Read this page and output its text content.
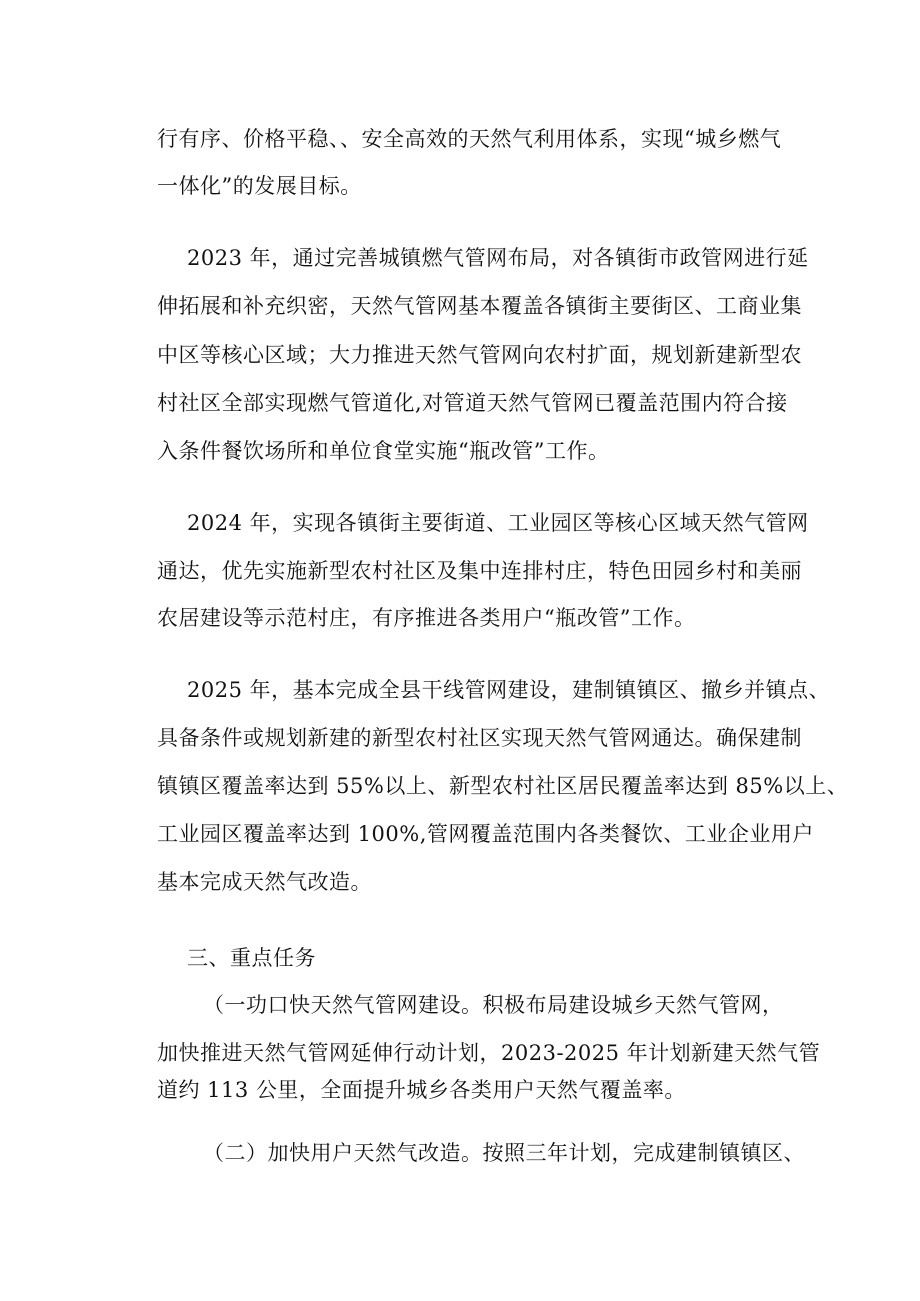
行有序、价格平稳、、安全高效的天然气利用体系，实现“城乡燃气
一体化”的发展目标。
2023 年，通过完善城镇燃气管网布局，对各镇街市政管网进行延
伸拓展和补充织密，天然气管网基本覆盖各镇街主要街区、工商业集
中区等核心区域；大力推进天然气管网向农村扩面，规划新建新型农
村社区全部实现燃气管道化,对管道天然气管网已覆盖范围内符合接
入条件餐饮场所和单位食堂实施“瓶改管”工作。
2024 年，实现各镇街主要街道、工业园区等核心区域天然气管网
通达，优先实施新型农村社区及集中连排村庄，特色田园乡村和美丽
农居建设等示范村庄，有序推进各类用户“瓶改管”工作。
2025 年，基本完成全县干线管网建设，建制镇镇区、撤乡并镇点、
具备条件或规划新建的新型农村社区实现天然气管网通达。确保建制
镇镇区覆盖率达到 55%以上、新型农村社区居民覆盖率达到 85%以上、
工业园区覆盖率达到 100%,管网覆盖范围内各类餐饮、工业企业用户
基本完成天然气改造。
三、重点任务
（一功口快天然气管网建设。积极布局建设城乡天然气管网，
加快推进天然气管网延伸行动计划，2023-2025 年计划新建天然气管
道约 113 公里，全面提升城乡各类用户天然气覆盖率。
（二）加快用户天然气改造。按照三年计划，完成建制镇镇区、
